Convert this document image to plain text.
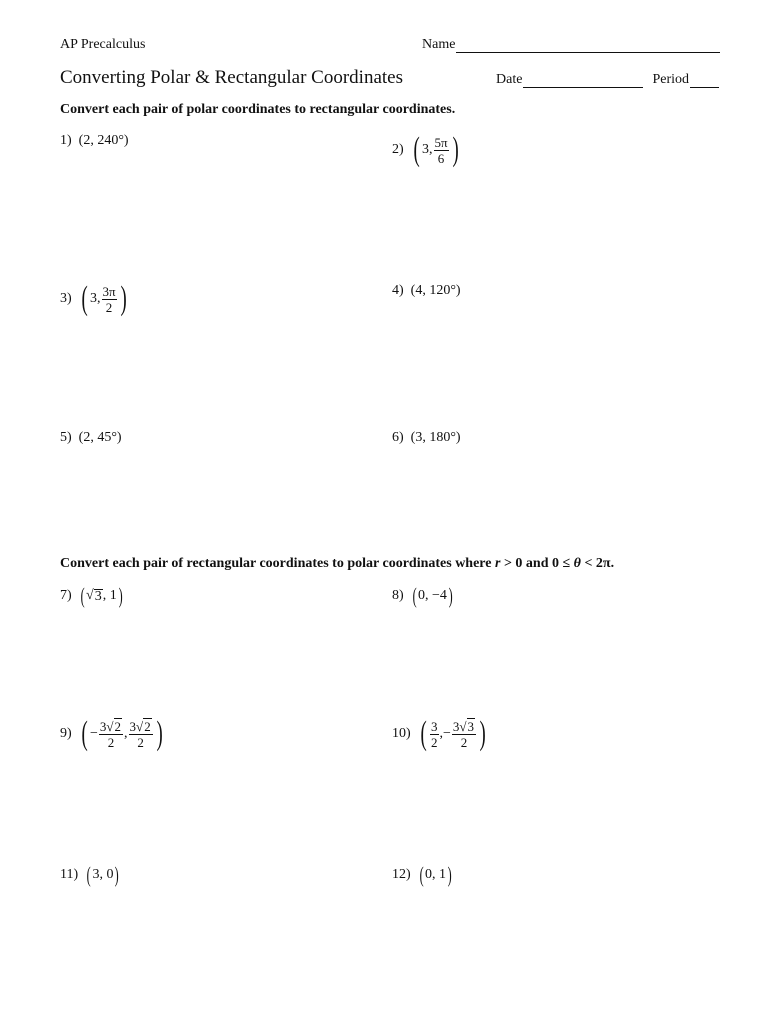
AP Precalculus
Converting Polar & Rectangular Coordinates
Name
Date	Period
Convert each pair of polar coordinates to rectangular coordinates.
1) (2, 240°)
2) ( 3, $\frac{5\pi}{6}$ )
3) ( 3, $\frac{3\pi}{2}$ )	4) (4, 120°)
5) (2, 45°)	6) (3, 180°)
Convert each pair of rectangular coordinates to polar coordinates where r > 0 and 0 ≤ θ < 2π.
7) ( √ 3 , 1 )	8) ( 0, −4 )
9) ( − $\frac{3√2}{2}$ , $\frac{3√2}{2}$ )	10) ( $\frac{3}{2}$ , − $\frac{3√3}{2}$ )
11) ( 3, 0 )	12) ( 0, 1 )
